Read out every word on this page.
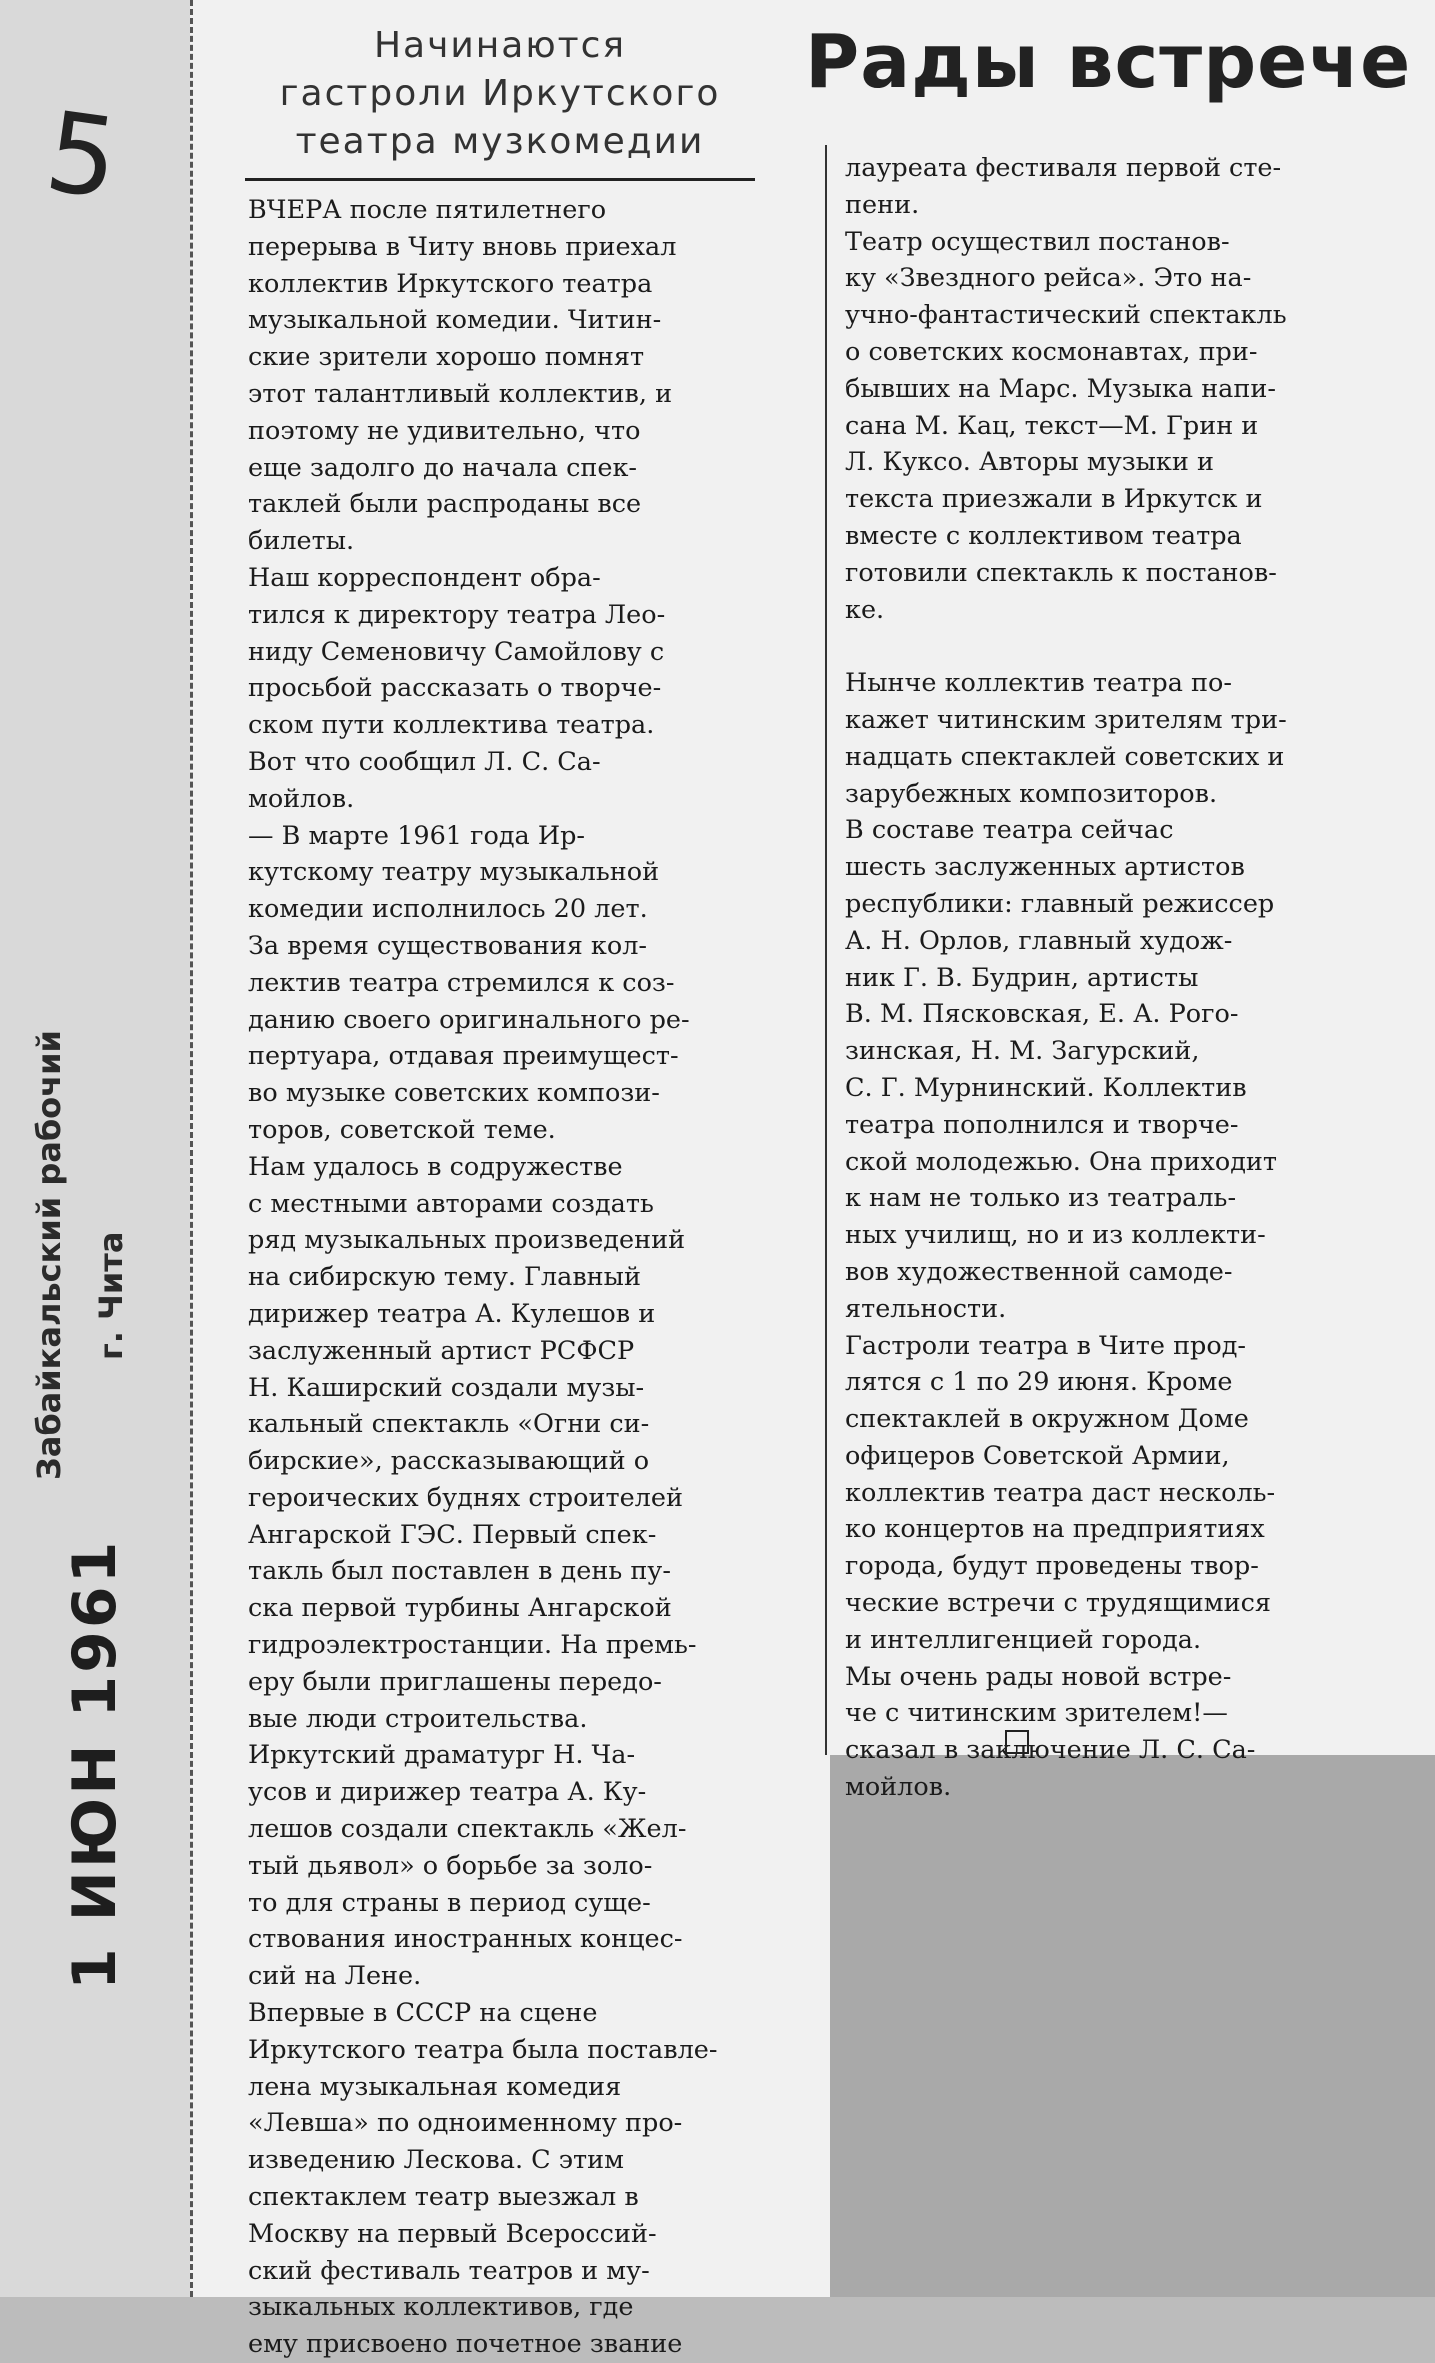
5
Забайкальский рабочий г. Чита
1 ИЮН 1961
Начинаются
гастроли Иркутского
театра музкомедии
Рады встрече
ВЧЕРА после пятилетнего
перерыва в Читу вновь приехал
коллектив Иркутского театра
музыкальной комедии. Читин-
ские зрители хорошо помнят
этот талантливый коллектив, и
поэтому не удивительно, что
еще задолго до начала спек-
таклей были распроданы все
билеты.
Наш корреспондент обра-
тился к директору театра Лео-
ниду Семеновичу Самойлову с
просьбой рассказать о творче-
ском пути коллектива театра.
Вот что сообщил Л. С. Са-
мойлов.
— В марте 1961 года Ир-
кутскому театру музыкальной
комедии исполнилось 20 лет.
За время существования кол-
лектив театра стремился к соз-
данию своего оригинального ре-
пертуара, отдавая преимущест-
во музыке советских компози-
торов, советской теме.
Нам удалось в содружестве
с местными авторами создать
ряд музыкальных произведений
на сибирскую тему. Главный
дирижер театра А. Кулешов и
заслуженный артист РСФСР
Н. Каширский создали музы-
кальный спектакль «Огни си-
бирские», рассказывающий о
героических буднях строителей
Ангарской ГЭС. Первый спек-
такль был поставлен в день пу-
ска первой турбины Ангарской
гидроэлектростанции. На премь-
еру были приглашены передо-
вые люди строительства.
Иркутский драматург Н. Ча-
усов и дирижер театра А. Ку-
лешов создали спектакль «Жел-
тый дьявол» о борьбе за золо-
то для страны в период суще-
ствования иностранных концес-
сий на Лене.
Впервые в СССР на сцене
Иркутского театра была поставле-
лена музыкальная комедия
«Левша» по одноименному про-
изведению Лескова. С этим
спектаклем театр выезжал в
Москву на первый Всероссий-
ский фестиваль театров и му-
зыкальных коллективов, где
ему присвоено почетное звание
лауреата фестиваля первой сте-
пени.
Театр осуществил постанов-
ку «Звездного рейса». Это на-
учно-фантастический спектакль
о советских космонавтах, при-
бывших на Марс. Музыка напи-
сана М. Кац, текст—М. Грин и
Л. Куксо. Авторы музыки и
текста приезжали в Иркутск и
вместе с коллективом театра
готовили спектакль к постанов-
ке.

Нынче коллектив театра по-
кажет читинским зрителям три-
надцать спектаклей советских и
зарубежных композиторов.
В составе театра сейчас
шесть заслуженных артистов
республики: главный режиссер
А. Н. Орлов, главный худож-
ник Г. В. Будрин, артисты
В. М. Пясковская, Е. А. Рого-
зинская, Н. М. Загурский,
С. Г. Мурнинский. Коллектив
театра пополнился и творче-
ской молодежью. Она приходит
к нам не только из театраль-
ных училищ, но и из коллекти-
вов художественной самоде-
ятельности.
Гастроли театра в Чите прод-
лятся с 1 по 29 июня. Кроме
спектаклей в окружном Доме
офицеров Советской Армии,
коллектив театра даст несколь-
ко концертов на предприятиях
города, будут проведены твор-
ческие встречи с трудящимися
и интеллигенцией города.
Мы очень рады новой встре-
че с читинским зрителем!—
сказал в заключение Л. С. Са-
мойлов.
